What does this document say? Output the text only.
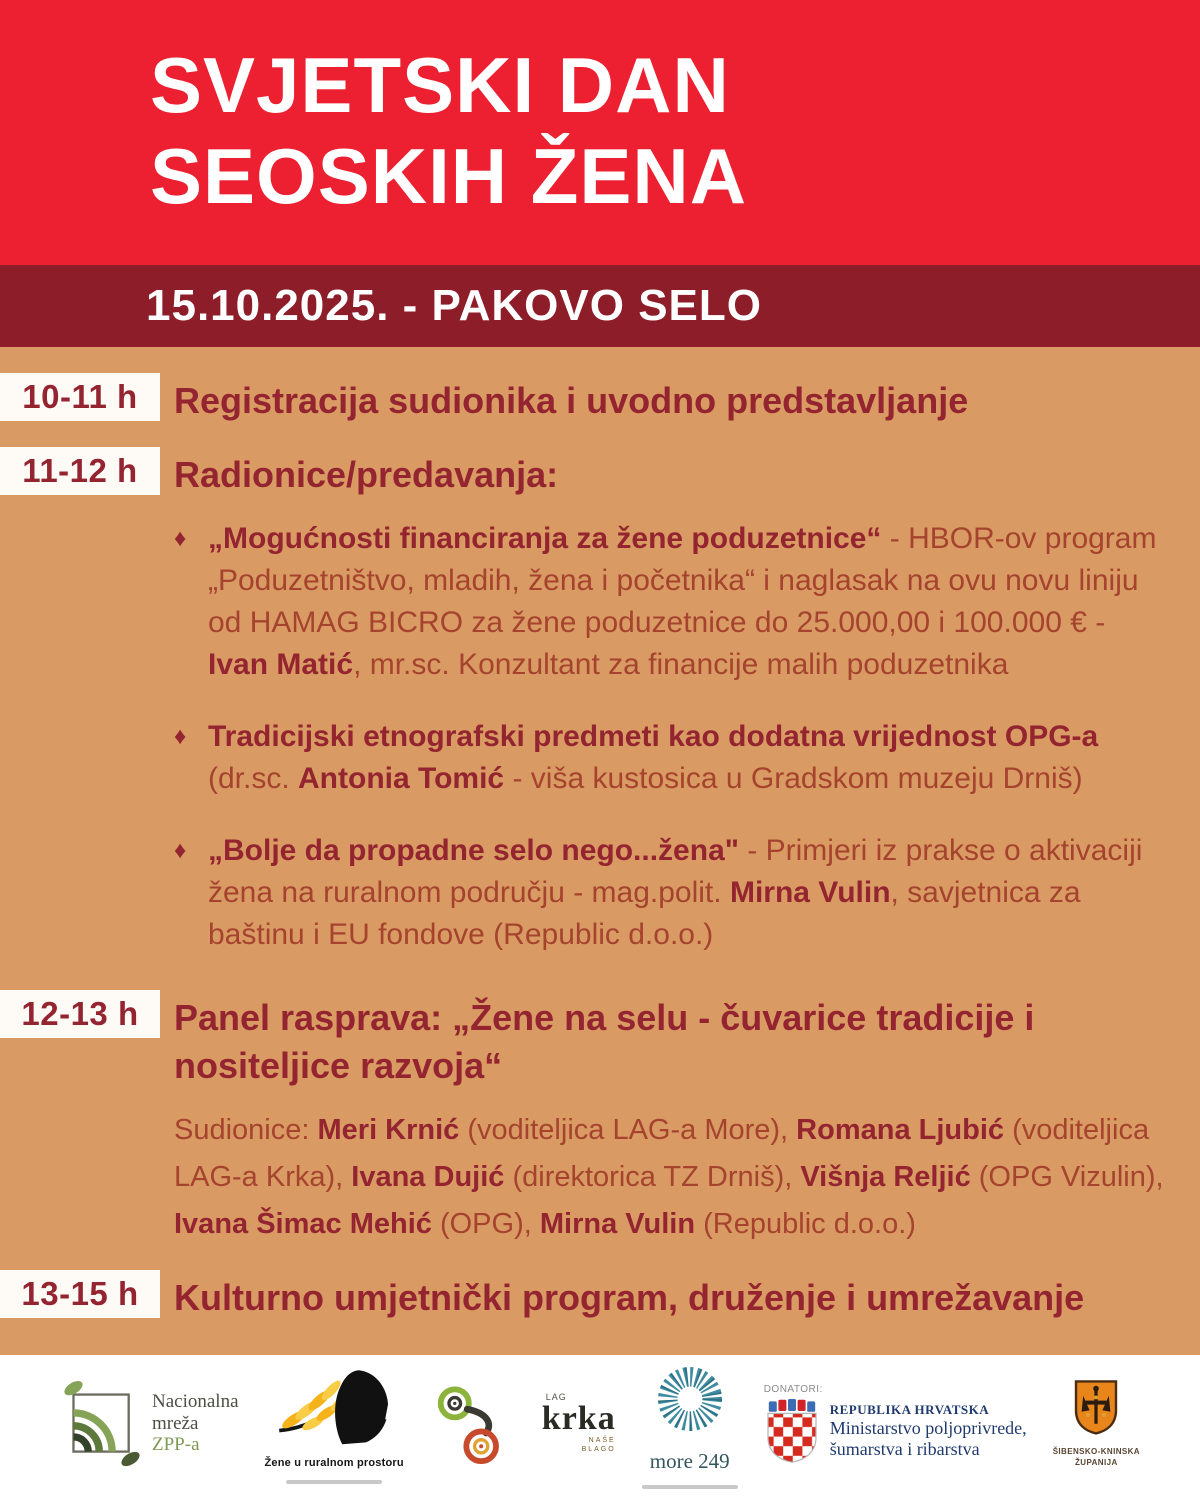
SVJETSKI DAN
SEOSKIH ŽENA
15.10.2025. - PAKOVO SELO
10-11 h Registracija sudionika i uvodno predstavljanje
11-12 h Radionice/predavanja:
♦ „Mogućnosti financiranja za žene poduzetnice“ - HBOR-ov program „Poduzetništvo, mladih, žena i početnika“ i naglasak na ovu novu liniju od HAMAG BICRO za žene poduzetnice do 25.000,00 i 100.000 € - Ivan Matić, mr.sc. Konzultant za financije malih poduzetnika

♦ Tradicijski etnografski predmeti kao dodatna vrijednost OPG-a (dr.sc. Antonia Tomić - viša kustosica u Gradskom muzeju Drniš)

♦ „Bolje da propadne selo nego...žena" - Primjeri iz prakse o aktivaciji žena na ruralnom području - mag.polit. Mirna Vulin, savjetnica za baštinu i EU fondove (Republic d.o.o.)

12-13 h Panel rasprava: „Žene na selu - čuvarice tradicije i nositeljice razvoja“

Sudionice: Meri Krnić (voditeljica LAG-a More), Romana Ljubić (voditeljica LAG-a Krka), Ivana Dujić (direktorica TZ Drniš), Višnja Reljić (OPG Vizulin), Ivana Šimac Mehić (OPG), Mirna Vulin (Republic d.o.o.)

13-15 h Kulturno umjetnički program, druženje i umrežavanje
Nacionalna
mreža
ZPP-a
Žene u ruralnom prostoru
LAG
krka
NAŠE
BLAGO more 249
DONATORI:
REPUBLIKA HRVATSKA
Ministarstvo poljoprivrede,
šumarstva i ribarstva	ŠIBENSKO-KNINSKA
ŽUPANIJA
